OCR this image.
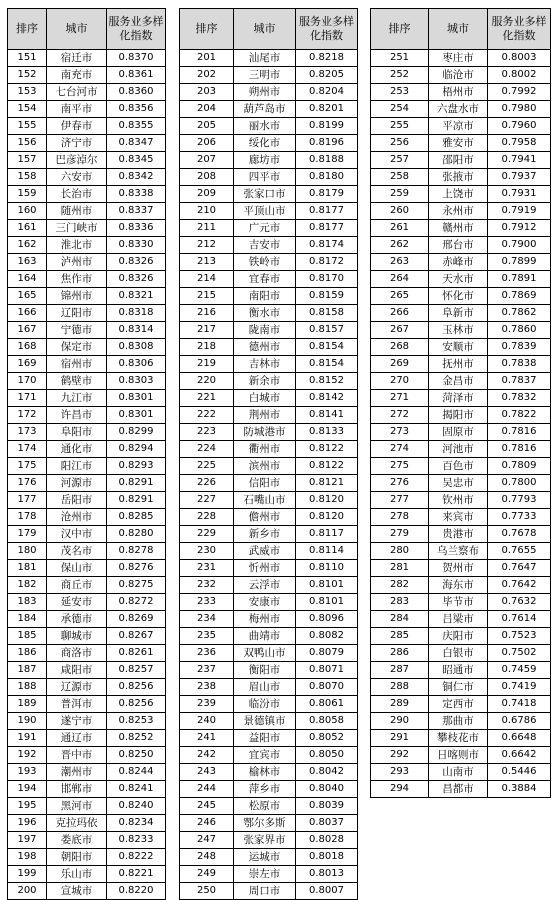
排序	城市	服务业多样化指数
151	宿迁市	0.8370
152	南充市	0.8361
153	七台河市	0.8360
154	南平市	0.8356
155	伊春市	0.8355
156	济宁市	0.8347
157	巴彦淖尔	0.8345
158	六安市	0.8342
159	长治市	0.8338
160	随州市	0.8337
161	三门峡市	0.8336
162	淮北市	0.8330
163	泸州市	0.8326
164	焦作市	0.8326
165	锦州市	0.8321
166	辽阳市	0.8318
167	宁德市	0.8314
168	保定市	0.8308
169	宿州市	0.8306
170	鹤壁市	0.8303
171	九江市	0.8301
172	许昌市	0.8301
173	阜阳市	0.8299
174	通化市	0.8294
175	阳江市	0.8293
176	河源市	0.8291
177	岳阳市	0.8291
178	沧州市	0.8285
179	汉中市	0.8280
180	茂名市	0.8278
181	保山市	0.8276
182	商丘市	0.8275
183	延安市	0.8272
184	承德市	0.8269
185	聊城市	0.8267
186	商洛市	0.8261
187	咸阳市	0.8257
188	辽源市	0.8256
189	普洱市	0.8256
190	遂宁市	0.8253
191	通辽市	0.8252
192	晋中市	0.8250
193	潮州市	0.8244
194	邯郸市	0.8241
195	黑河市	0.8240
196	克拉玛依	0.8234
197	娄底市	0.8233
198	朝阳市	0.8222
199	乐山市	0.8221
200	宣城市	0.8220
排序	城市	服务业多样化指数
201	汕尾市	0.8218
202	三明市	0.8205
203	朔州市	0.8204
204	葫芦岛市	0.8201
205	丽水市	0.8199
206	绥化市	0.8196
207	廊坊市	0.8188
208	四平市	0.8180
209	张家口市	0.8179
210	平顶山市	0.8177
211	广元市	0.8177
212	吉安市	0.8174
213	铁岭市	0.8172
214	宜春市	0.8170
215	南阳市	0.8159
216	衡水市	0.8158
217	陇南市	0.8157
218	德州市	0.8154
219	吉林市	0.8154
220	新余市	0.8152
221	白城市	0.8142
222	荆州市	0.8141
223	防城港市	0.8133
224	衢州市	0.8122
225	滨州市	0.8122
226	信阳市	0.8121
227	石嘴山市	0.8120
228	儋州市	0.8120
229	新乡市	0.8117
230	武威市	0.8114
231	忻州市	0.8110
232	云浮市	0.8101
233	安康市	0.8101
234	梅州市	0.8096
235	曲靖市	0.8082
236	双鸭山市	0.8079
237	衡阳市	0.8071
238	眉山市	0.8070
239	临汾市	0.8061
240	景德镇市	0.8058
241	益阳市	0.8052
242	宜宾市	0.8050
243	榆林市	0.8042
244	萍乡市	0.8040
245	松原市	0.8039
246	鄂尔多斯	0.8037
247	张家界市	0.8028
248	运城市	0.8018
249	崇左市	0.8013
250	周口市	0.8007
排序	城市	服务业多样化指数
251	枣庄市	0.8003
252	临沧市	0.8002
253	梧州市	0.7992
254	六盘水市	0.7980
255	平凉市	0.7960
256	雅安市	0.7958
257	邵阳市	0.7941
258	张掖市	0.7937
259	上饶市	0.7931
260	永州市	0.7919
261	赣州市	0.7912
262	邢台市	0.7900
263	赤峰市	0.7899
264	天水市	0.7891
265	怀化市	0.7869
266	阜新市	0.7862
267	玉林市	0.7860
268	安顺市	0.7839
269	抚州市	0.7838
270	金昌市	0.7837
271	菏泽市	0.7832
272	揭阳市	0.7822
273	固原市	0.7816
274	河池市	0.7816
275	百色市	0.7809
276	吴忠市	0.7800
277	钦州市	0.7793
278	来宾市	0.7733
279	贵港市	0.7678
280	乌兰察布	0.7655
281	贺州市	0.7647
282	海东市	0.7642
283	毕节市	0.7632
284	吕梁市	0.7614
285	庆阳市	0.7523
286	白银市	0.7502
287	昭通市	0.7459
288	铜仁市	0.7419
289	定西市	0.7418
290	那曲市	0.6786
291	攀枝花市	0.6648
292	日喀则市	0.6642
293	山南市	0.5446
294	昌都市	0.3884
